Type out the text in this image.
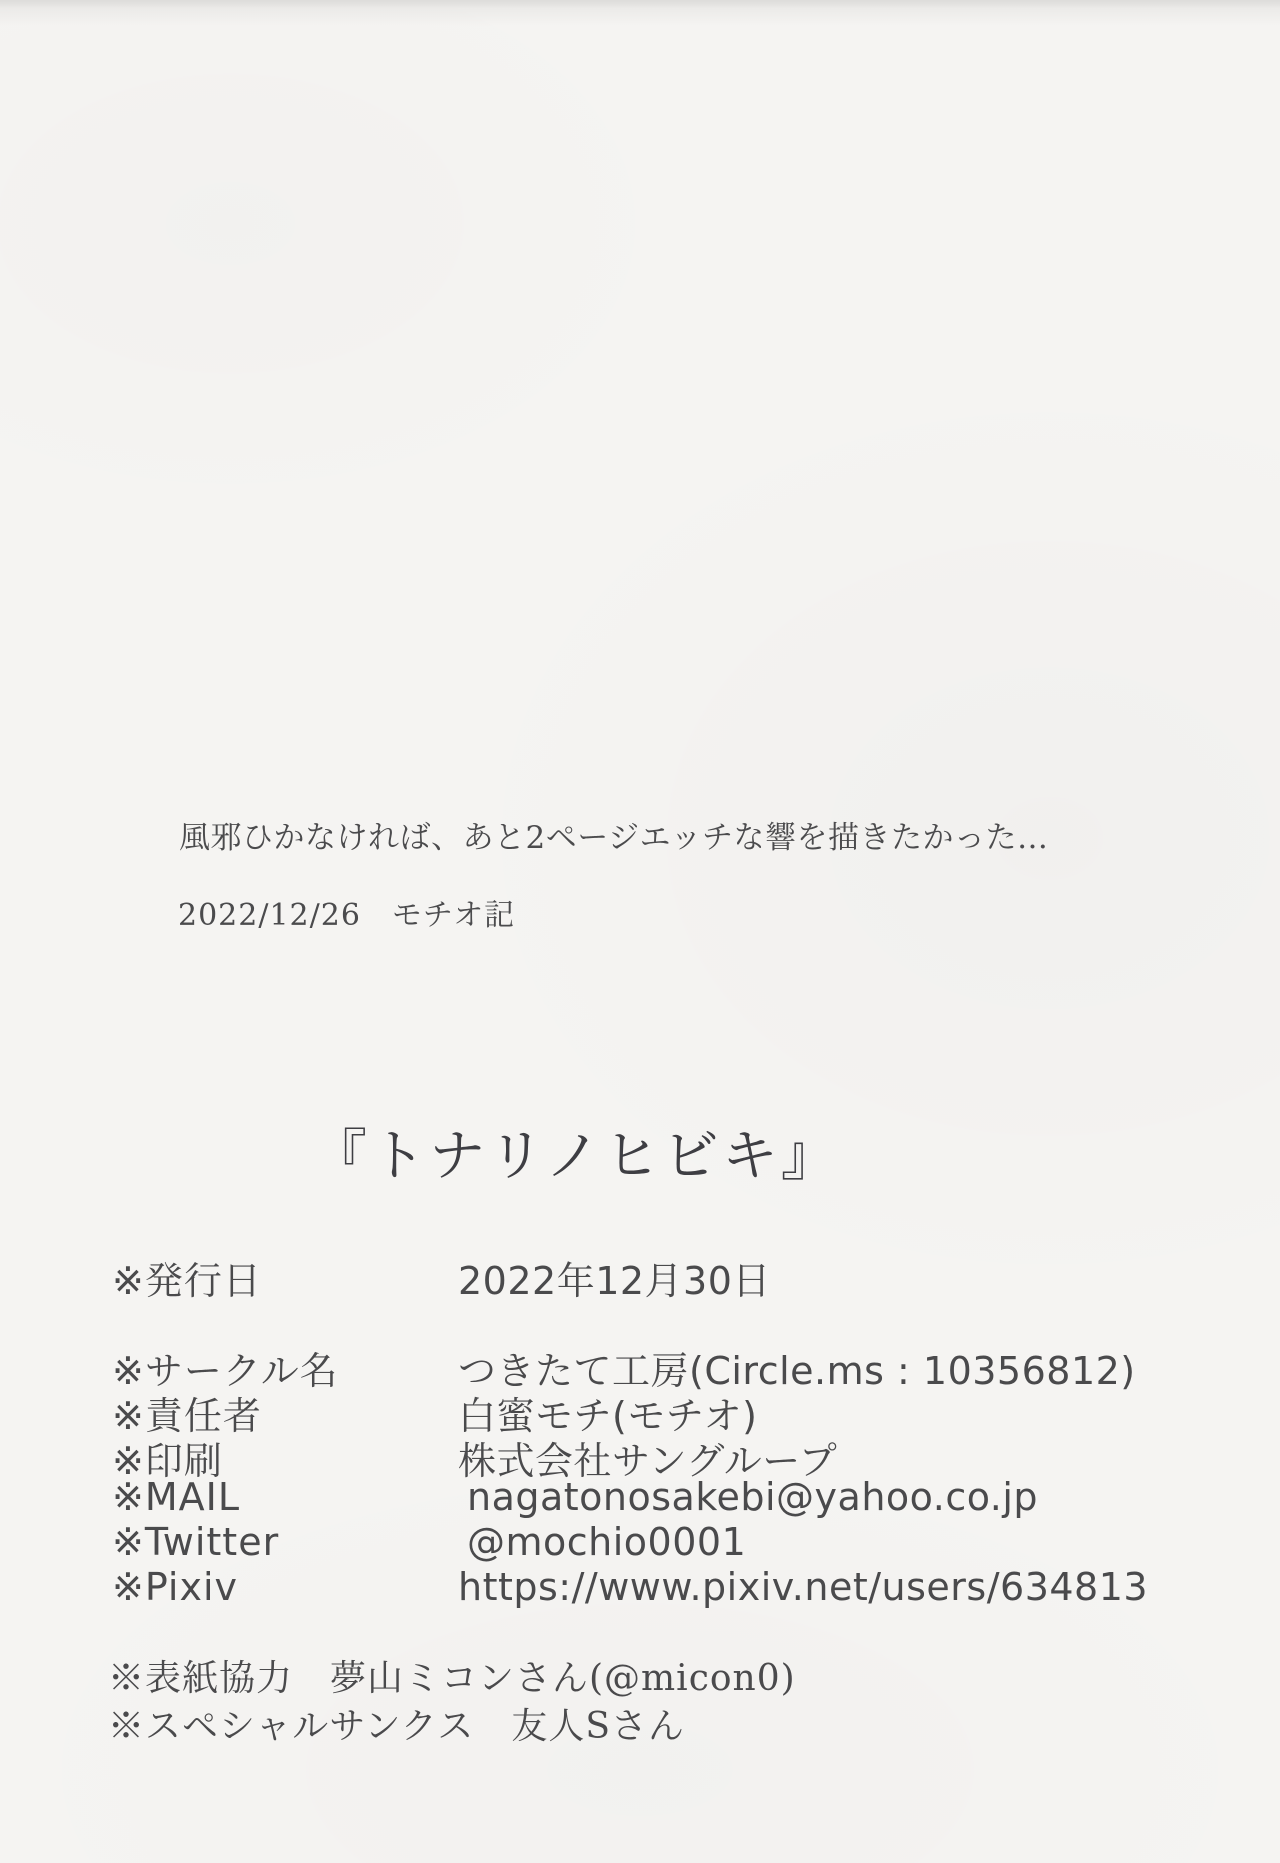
風邪ひかなければ、あと2ページエッチな響を描きたかった…
2022/12/26　モチオ記
『トナリノヒビキ』
※発行日	2022年12月30日
※サークル名	つきたて工房(Circle.ms : 10356812)
※責任者	白蜜モチ(モチオ)
※印刷	株式会社サングループ
※MAIL	nagatonosakebi@yahoo.co.jp
※Twitter	@mochio0001
※Pixiv	https://www.pixiv.net/users/634813
※表紙協力　夢山ミコンさん(@micon0)
※スペシャルサンクス　友人Sさん
